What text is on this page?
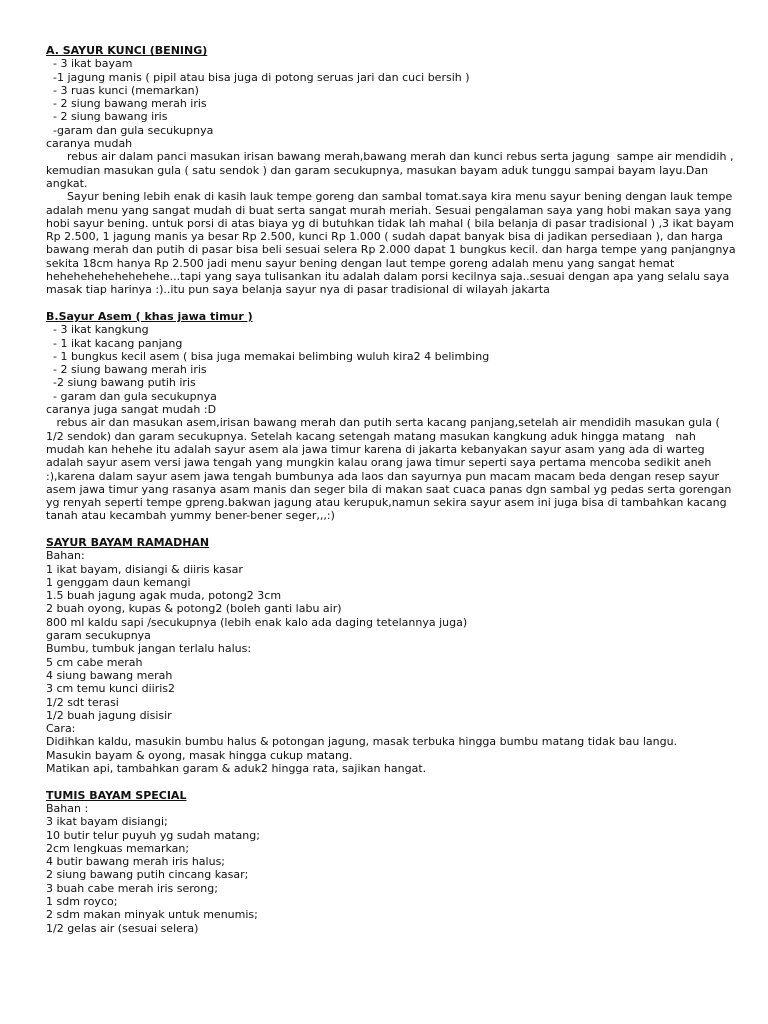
A. SAYUR KUNCI (BENING)

- 3 ikat bayam

-1 jagung manis ( pipil atau bisa juga di potong seruas jari dan cuci bersih )

- 3 ruas kunci (memarkan)

- 2 siung bawang merah iris

- 2 siung bawang iris

-garam dan gula secukupnya

caranya mudah

rebus air dalam panci masukan irisan bawang merah,bawang merah dan kunci rebus serta jagung  sampe air mendidih , kemudian masukan gula ( satu sendok ) dan garam secukupnya, masukan bayam aduk tunggu sampai bayam layu.Dan angkat.

Sayur bening lebih enak di kasih lauk tempe goreng dan sambal tomat.saya kira menu sayur bening dengan lauk tempe adalah menu yang sangat mudah di buat serta sangat murah meriah. Sesuai pengalaman saya yang hobi makan saya yang hobi sayur bening. untuk porsi di atas biaya yg di butuhkan tidak lah mahal ( bila belanja di pasar tradisional ) ,3 ikat bayam Rp 2.500, 1 jagung manis ya besar Rp 2.500, kunci Rp 1.000 ( sudah dapat banyak bisa di jadikan persediaan ), dan harga bawang merah dan putih di pasar bisa beli sesuai selera Rp 2.000 dapat 1 bungkus kecil. dan harga tempe yang panjangnya sekita 18cm hanya Rp 2.500 jadi menu sayur bening dengan laut tempe goreng adalah menu yang sangat hemat hehehehehehehehehe...tapi yang saya tulisankan itu adalah dalam porsi kecilnya saja..sesuai dengan apa yang selalu saya masak tiap harinya :)..itu pun saya belanja sayur nya di pasar tradisional di wilayah jakarta

B.Sayur Asem ( khas jawa timur )

- 3 ikat kangkung

- 1 ikat kacang panjang

- 1 bungkus kecil asem ( bisa juga memakai belimbing wuluh kira2 4 belimbing

- 2 siung bawang merah iris

-2 siung bawang putih iris

- garam dan gula secukupnya

caranya juga sangat mudah :D

rebus air dan masukan asem,irisan bawang merah dan putih serta kacang panjang,setelah air mendidih masukan gula ( 1/2 sendok) dan garam secukupnya. Setelah kacang setengah matang masukan kangkung aduk hingga matang   nah mudah kan hehehe itu adalah sayur asem ala jawa timur karena di jakarta kebanyakan sayur asam yang ada di warteg adalah sayur asem versi jawa tengah yang mungkin kalau orang jawa timur seperti saya pertama mencoba sedikit aneh :),karena dalam sayur asem jawa tengah bumbunya ada laos dan sayurnya pun macam macam beda dengan resep sayur asem jawa timur yang rasanya asam manis dan seger bila di makan saat cuaca panas dgn sambal yg pedas serta gorengan yg renyah seperti tempe gpreng.bakwan jagung atau kerupuk,namun sekira sayur asem ini juga bisa di tambahkan kacang tanah atau kecambah yummy bener-bener seger,,,:)

SAYUR BAYAM RAMADHAN

Bahan:

1 ikat bayam, disiangi & diiris kasar

1 genggam daun kemangi

1.5 buah jagung agak muda, potong2 3cm

2 buah oyong, kupas & potong2 (boleh ganti labu air)

800 ml kaldu sapi /secukupnya (lebih enak kalo ada daging tetelannya juga)

garam secukupnya

Bumbu, tumbuk jangan terlalu halus:

5 cm cabe merah

4 siung bawang merah

3 cm temu kunci diiris2

1/2 sdt terasi

1/2 buah jagung disisir

Cara:

Didihkan kaldu, masukin bumbu halus & potongan jagung, masak terbuka hingga bumbu matang tidak bau langu.

Masukin bayam & oyong, masak hingga cukup matang.

Matikan api, tambahkan garam & aduk2 hingga rata, sajikan hangat.

TUMIS BAYAM SPECIAL

Bahan :

3 ikat bayam disiangi;

10 butir telur puyuh yg sudah matang;

2cm lengkuas memarkan;

4 butir bawang merah iris halus;

2 siung bawang putih cincang kasar;

3 buah cabe merah iris serong;

1 sdm royco;

2 sdm makan minyak untuk menumis;

1/2 gelas air (sesuai selera)
